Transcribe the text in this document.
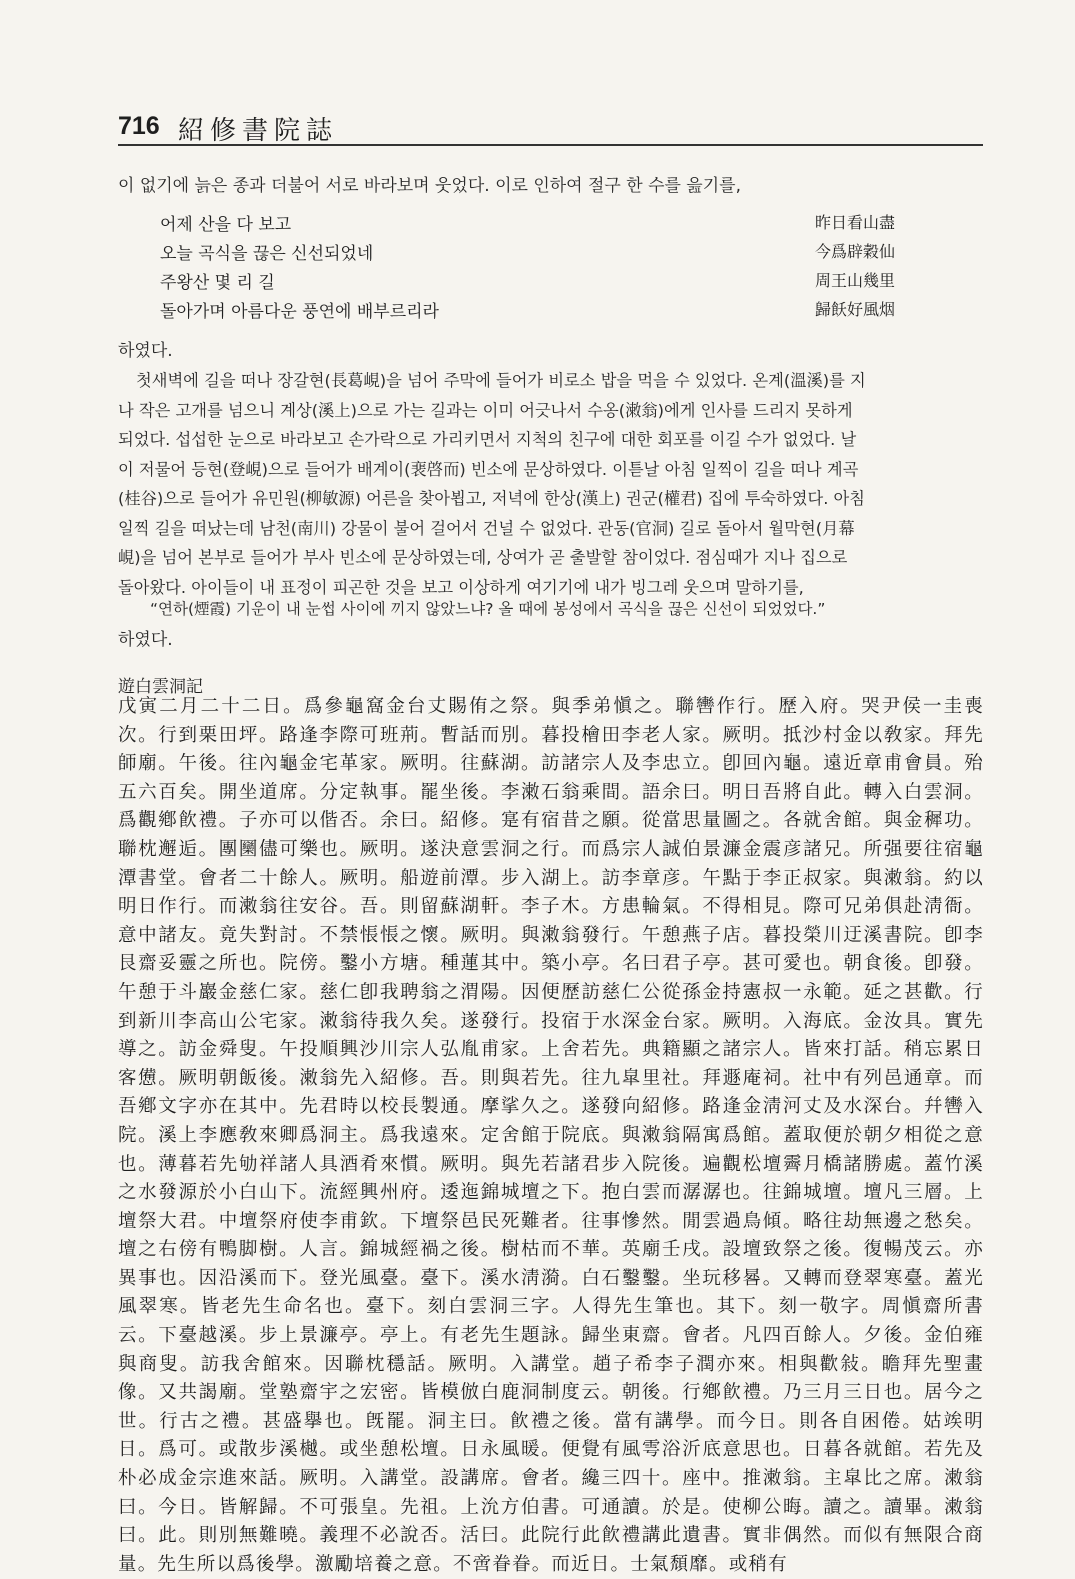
716 紹修書院誌
이 없기에 늙은 종과 더불어 서로 바라보며 웃었다. 이로 인하여 절구 한 수를 읊기를,
어제 산을 다 보고	昨日看山盡
오늘 곡식을 끊은 신선되었네	今爲辟穀仙
주왕산 몇 리 길	周王山幾里
돌아가며 아름다운 풍연에 배부르리라	歸飫好風烟
하였다.
첫새벽에 길을 떠나 장갈현(長葛峴)을 넘어 주막에 들어가 비로소 밥을 먹을 수 있었다. 온계(溫溪)를 지
나 작은 고개를 넘으니 계상(溪上)으로 가는 길과는 이미 어긋나서 수옹(潄翁)에게 인사를 드리지 못하게
되었다. 섭섭한 눈으로 바라보고 손가락으로 가리키면서 지척의 친구에 대한 회포를 이길 수가 없었다. 날
이 저물어 등현(登峴)으로 들어가 배계이(裵啓而) 빈소에 문상하였다. 이튿날 아침 일찍이 길을 떠나 계곡
(桂谷)으로 들어가 유민원(柳敏源) 어른을 찾아뵙고, 저녁에 한상(漢上) 권군(權君) 집에 투숙하였다. 아침
일찍 길을 떠났는데 남천(南川) 강물이 불어 걸어서 건널 수 없었다. 관동(官洞) 길로 돌아서 월막현(月幕
峴)을 넘어 본부로 들어가 부사 빈소에 문상하였는데, 상여가 곧 출발할 참이었다. 점심때가 지나 집으로
돌아왔다. 아이들이 내 표정이 피곤한 것을 보고 이상하게 여기기에 내가 빙그레 웃으며 말하기를,
“연하(煙霞) 기운이 내 눈썹 사이에 끼지 않았느냐? 올 때에 봉성에서 곡식을 끊은 신선이 되었었다.”
하였다.
遊白雲洞記
戊寅二月二十二日。爲參龜窩金台丈賜侑之祭。與季弟愼之。聯轡作行。歷入府。哭尹侯一圭喪次。行到栗田坪。路逢李際可班荊。暫話而別。暮投檜田李老人家。厥明。抵沙村金以敎家。拜先師廟。午後。往內龜金宅革家。厥明。往蘇湖。訪諸宗人及李忠立。卽回內龜。遠近章甫會員。殆五六百矣。開坐道席。分定執事。罷坐後。李潄石翁乘間。語余曰。明日吾將自此。轉入白雲洞。爲觀鄕飮禮。子亦可以偕否。余曰。紹修。寔有宿昔之願。從當思量圖之。各就舍館。與金穉功。聯枕邂逅。團圞儘可樂也。厥明。遂決意雲洞之行。而爲宗人誠伯景濂金震彦諸兄。所强要往宿龜潭書堂。會者二十餘人。厥明。船遊前潭。步入湖上。訪李章彦。午點于李正叔家。與潄翁。約以明日作行。而潄翁往安谷。吾。則留蘇湖軒。李子木。方患輪氣。不得相見。際可兄弟俱赴淸衙。意中諸友。竟失對討。不禁悵悵之懷。厥明。與潄翁發行。午憩燕子店。暮投榮川迂溪書院。卽李艮齋妥靈之所也。院傍。鑿小方塘。種蓮其中。築小亭。名曰君子亭。甚可愛也。朝食後。卽發。午憩于斗巖金慈仁家。慈仁卽我聘翁之渭陽。因便歷訪慈仁公從孫金持憲叔一永範。延之甚歡。行到新川李高山公宅家。潄翁待我久矣。遂發行。投宿于水深金台家。厥明。入海底。金汝具。實先導之。訪金舜叟。午投順興沙川宗人弘胤甫家。上舍若先。典籍顯之諸宗人。皆來打話。稍忘累日客憊。厥明朝飯後。潄翁先入紹修。吾。則與若先。往九皐里社。拜遯庵祠。社中有列邑通章。而吾鄕文字亦在其中。先君時以校長製通。摩挲久之。遂發向紹修。路逢金淸河丈及水深台。幷轡入院。溪上李應敎來卿爲洞主。爲我遠來。定舍館于院底。與潄翁隔寓爲館。蓋取便於朝夕相從之意也。薄暮若先劬祥諸人具酒肴來慣。厥明。與先若諸君步入院後。遍觀松壇霽月橋諸勝處。蓋竹溪之水發源於小白山下。流經興州府。逶迤錦城壇之下。抱白雲而潺潺也。往錦城壇。壇凡三層。上壇祭大君。中壇祭府使李甫欽。下壇祭邑民死難者。往事慘然。閒雲過鳥傾。略往劫無邊之愁矣。壇之右傍有鴨脚樹。人言。錦城經禍之後。樹枯而不華。英廟壬戌。設壇致祭之後。復暢茂云。亦異事也。因沿溪而下。登光風臺。臺下。溪水淸漪。白石鑿鑿。坐玩移晷。又轉而登翠寒臺。蓋光風翠寒。皆老先生命名也。臺下。刻白雲洞三字。人得先生筆也。其下。刻一敬字。周愼齋所書云。下臺越溪。步上景濂亭。亭上。有老先生題詠。歸坐東齋。會者。凡四百餘人。夕後。金伯雍與商叟。訪我舍館來。因聯枕穩話。厥明。入講堂。趙子希李子潤亦來。相與歡敍。瞻拜先聖畫像。又共謁廟。堂塾齋宇之宏密。皆模倣白鹿洞制度云。朝後。行鄕飮禮。乃三月三日也。居今之世。行古之禮。甚盛擧也。旣罷。洞主曰。飮禮之後。當有講學。而今日。則各自困倦。姑竢明日。爲可。或散步溪樾。或坐憩松壇。日永風暖。便覺有風雩浴沂底意思也。日暮各就館。若先及朴必成金宗進來話。厥明。入講堂。設講席。會者。纔三四十。座中。推潄翁。主皐比之席。潄翁曰。今日。皆解歸。不可張皇。先祖。上沇方伯書。可通讀。於是。使柳公晦。讀之。讀畢。潄翁曰。此。則別無難曉。義理不必說否。活曰。此院行此飮禮講此遺書。實非偶然。而似有無限合商量。先生所以爲後學。激勵培養之意。不啻眷眷。而近日。士氣頹靡。或稍有
